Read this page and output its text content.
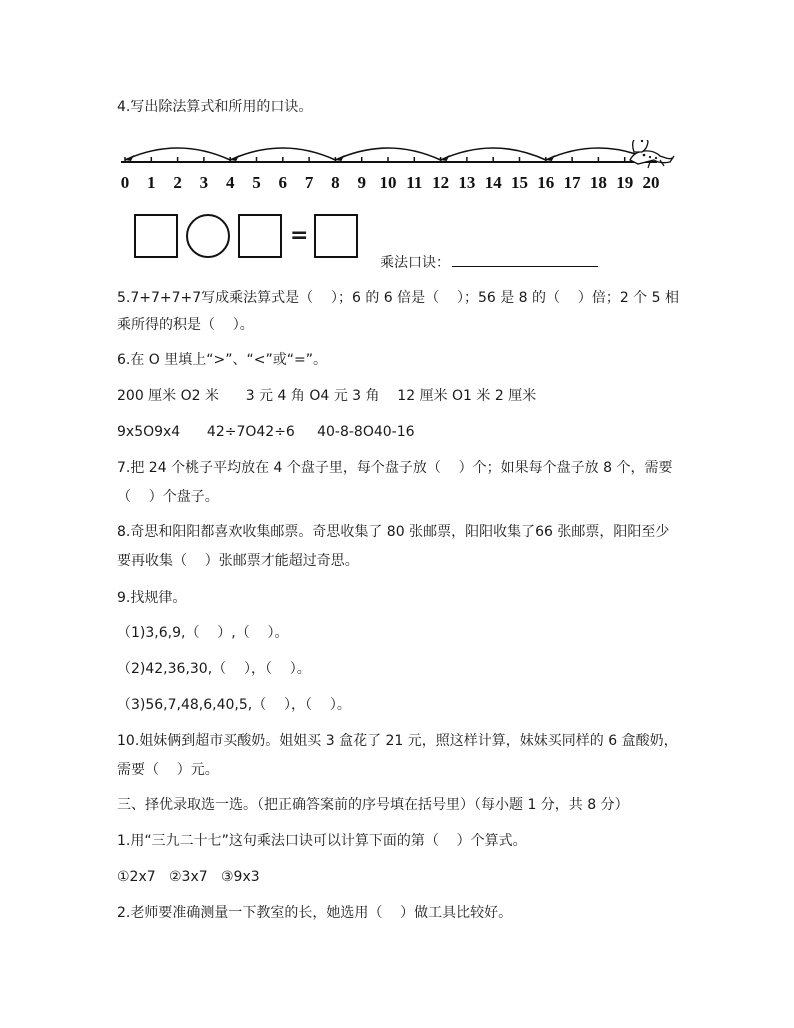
4.写出除法算式和所用的口诀。
0 1 2 3 4 5 6 7 8 9 10 11 12 13 14 15 16 17 18 19 20
=
乘法口诀：
5.7+7+7+7写成乘法算式是（    ）；6 的 6 倍是（    ）；56 是 8 的（    ）倍；2 个 5 相
乘所得的积是（    ）。
6.在 O 里填上“>”、“<”或“=”。
200 厘米 O2 米      3 元 4 角 O4 元 3 角    12 厘米 O1 米 2 厘米
9x5O9x4      42÷7O42÷6     40-8-8O40-16
7.把 24 个桃子平均放在 4 个盘子里，每个盘子放（    ）个；如果每个盘子放 8 个，需要
（    ）个盘子。
8.奇思和阳阳都喜欢收集邮票。奇思收集了 80 张邮票，阳阳收集了66 张邮票，阳阳至少
要再收集（    ）张邮票才能超过奇思。
9.找规律。
（1)3,6,9,（    ）,（    ）。
（2)42,36,30,（    ），（    ）。
（3)56,7,48,6,40,5,（    ），（    ）。
10.姐妹俩到超市买酸奶。姐姐买 3 盒花了 21 元，照这样计算，妹妹买同样的 6 盒酸奶，
需要（    ）元。
三、择优录取选一选。（把正确答案前的序号填在括号里）（每小题 1 分，共 8 分）
1.用“三九二十七”这句乘法口诀可以计算下面的第（    ）个算式。
①2x7   ②3x7   ③9x3
2.老师要准确测量一下教室的长，她选用（    ）做工具比较好。
